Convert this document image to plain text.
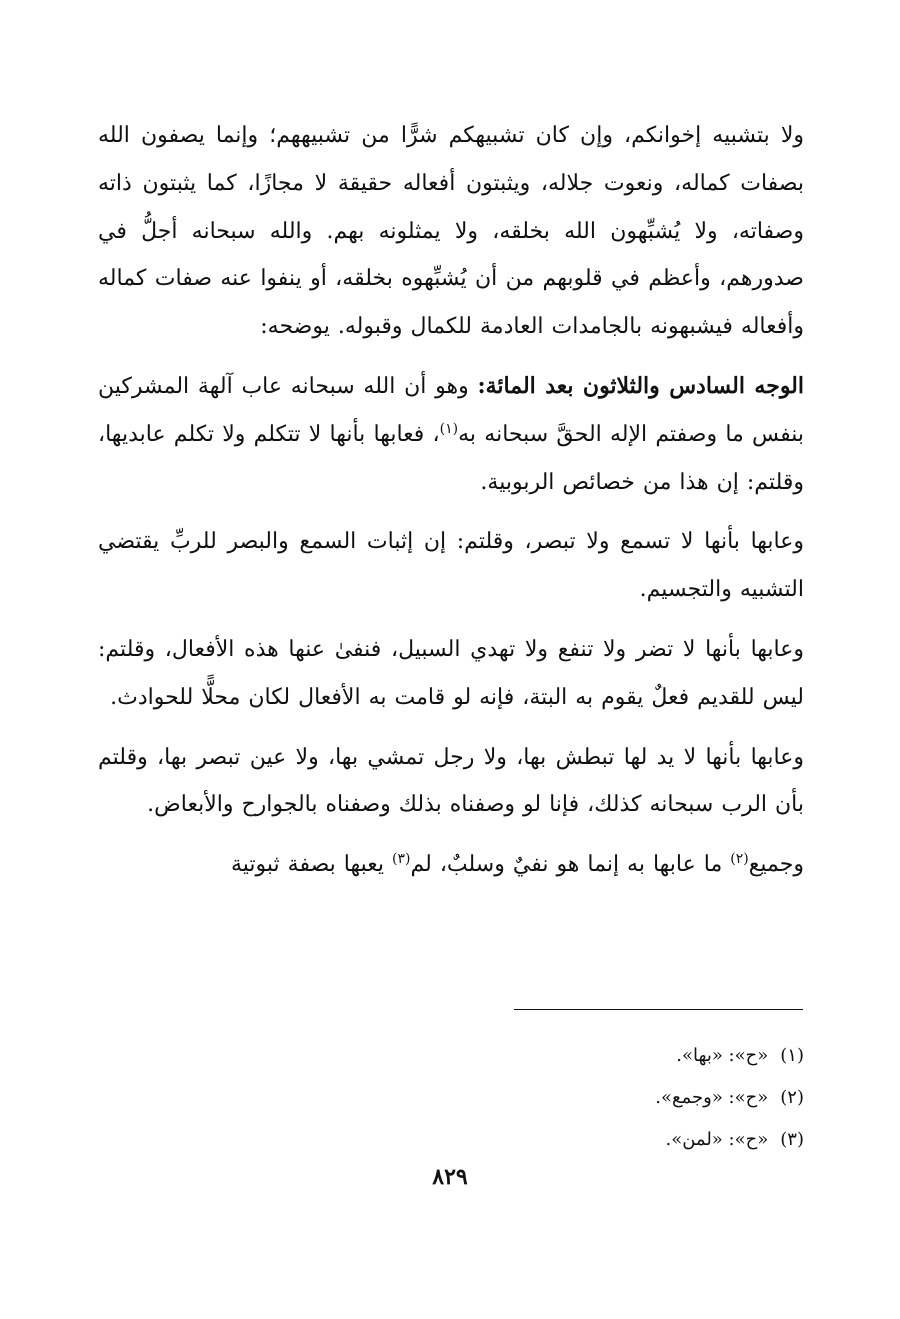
ولا بتشبيه إخوانكم، وإن كان تشبيهكم شرًّا من تشبيههم؛ وإنما يصفون الله بصفات كماله، ونعوت جلاله، ويثبتون أفعاله حقيقة لا مجازًا، كما يثبتون ذاته وصفاته، ولا يُشبِّهون الله بخلقه، ولا يمثلونه بهم. والله سبحانه أجلُّ في صدورهم، وأعظم في قلوبهم من أن يُشبِّهوه بخلقه، أو ينفوا عنه صفات كماله وأفعاله فيشبهونه بالجامدات العادمة للكمال وقبوله. يوضحه:

الوجه السادس والثلاثون بعد المائة: وهو أن الله سبحانه عاب آلهة المشركين بنفس ما وصفتم الإله الحقَّ سبحانه به$^{(١)}$، فعابها بأنها لا تتكلم ولا تكلم عابديها، وقلتم: إن هذا من خصائص الربوبية.

وعابها بأنها لا تسمع ولا تبصر، وقلتم: إن إثبات السمع والبصر للربِّ يقتضي التشبيه والتجسيم.

وعابها بأنها لا تضر ولا تنفع ولا تهدي السبيل، فنفىٰ عنها هذه الأفعال، وقلتم: ليس للقديم فعلٌ يقوم به البتة، فإنه لو قامت به الأفعال لكان محلًّا للحوادث.

وعابها بأنها لا يد لها تبطش بها، ولا رجل تمشي بها، ولا عين تبصر بها، وقلتم بأن الرب سبحانه كذلك، فإنا لو وصفناه بذلك وصفناه بالجوارح والأبعاض.

وجميع$^{(٢)}$ ما عابها به إنما هو نفيٌ وسلبٌ، لم$^{(٣)}$ يعبها بصفة ثبوتية

(١)«ح»: «بها».
(٢)«ح»: «وجمع».
(٣)«ح»: «لمن».
٨٢٩
